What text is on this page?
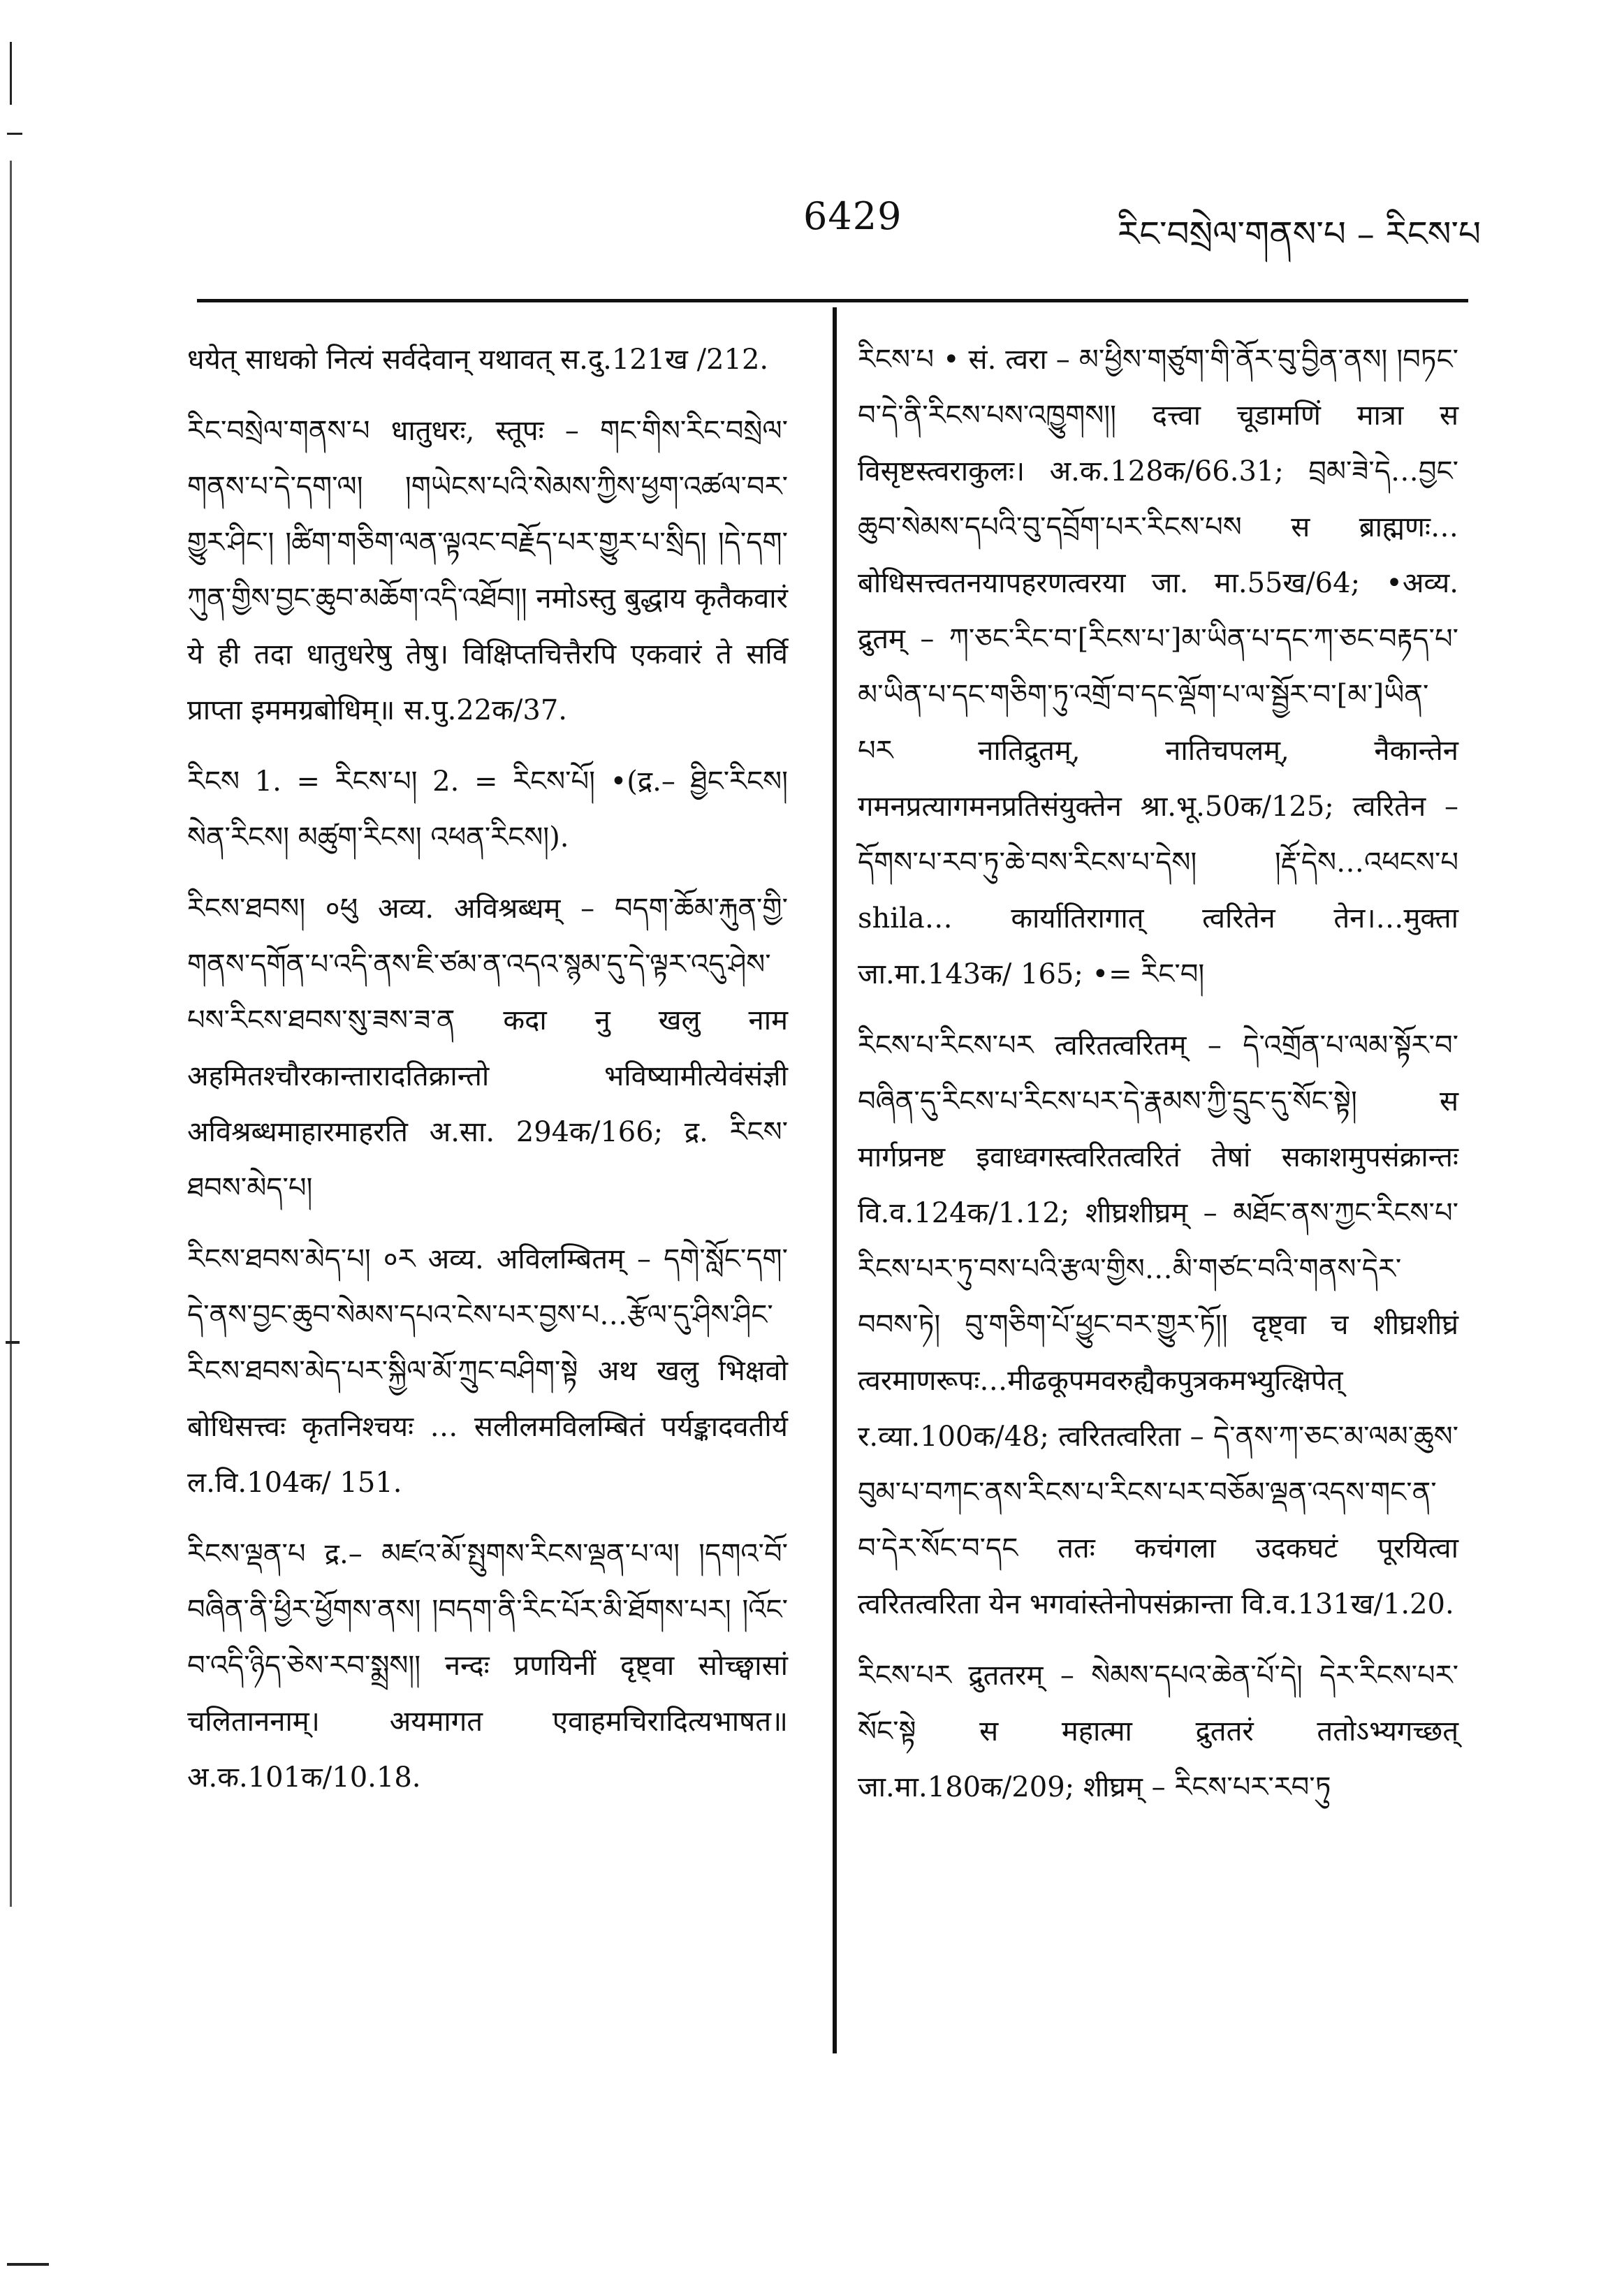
6429	རིང་བསྲེལ་གནས་པ – རིངས་པ

धयेत् साधको नित्यं सर्वदेवान् यथावत् स.दु.121ख /212.

རིང་བསྲེལ་གནས་པ धातुधरः, स्तूपः – གང་གིས་རིང་བསྲེལ་གནས་པ་དེ་དག་ལ། །གཡེངས་པའི་སེམས་ཀྱིས་ཕྱག་འཚལ་བར་གྱུར་ཤིང་། །ཚིག་གཅིག་ལན་ལྟའང་བརྗོད་པར་གྱུར་པ་སྲིད། །དེ་དག་ཀུན་གྱིས་བྱང་ཆུབ་མཆོག་འདི་འཐོབ།། नमोऽस्तु बुद्धाय कृतैकवारं ये ही तदा धातुधरेषु तेषु। विक्षिप्तचित्तैरपि एकवारं ते सर्वि प्राप्ता इममग्रबोधिम्॥ स.पु.22क/37.

རིངས 1. = རིངས་པ། 2. = རིངས་པོ། •(द्र.– ཐྱིང་རིངས། སེན་རིངས། མཚུག་རིངས། འཕན་རིངས།).

རིངས་ཐབས། ०ཕུ अव्य. अविश्रब्धम् – བདག་ཆོམ་རྐུན་གྱི་གནས་དགོན་པ་འདི་ནས་ཇི་ཙམ་ན་འདའ་སྙམ་དུ་དེ་ལྟར་འདུ་ཤེས་པས་རིངས་ཐབས་སུ་ཟས་ཟ་ན कदा नु खलु नाम अहमितश्चौरकान्तारादतिक्रान्तो भविष्यामीत्येवंसंज्ञी अविश्रब्धमाहारमाहरति अ.सा. 294क/166; द्र. རིངས་ཐབས་མེད་པ།

རིངས་ཐབས་མེད་པ། ०ར अव्य. अविलम्बितम् – དགེ་སློང་དག་དེ་ནས་བྱང་ཆུབ་སེམས་དཔའ་ངེས་པར་བྱས་པ…རྩོལ་དུ་ཤིས་ཤིང་རིངས་ཐབས་མེད་པར་སྐྱིལ་མོ་ཀྲུང་བཤིག་སྟེ अथ खलु भिक्षवो बोधिसत्त्वः कृतनिश्चयः … सलीलमविलम्बितं पर्यङ्कादवतीर्य ल.वि.104क/ 151.

རིངས་ལྡན་པ द्र.– མཛའ་མོ་སྤུགས་རིངས་ལྡན་པ་ལ། །དགའ་བོ་བཞིན་ནི་ཕྱིར་ཕྱོགས་ནས། །བདག་ནི་རིང་པོར་མི་ཐོགས་པར། །འོང་བ་འདི་ཉིད་ཅེས་རབ་སྨྲས།། नन्दः प्रणयिनीं दृष्ट्वा सोच्छ्वासां चलिताननाम्। अयमागत एवाहमचिरादित्यभाषत॥ अ.क.101क/10.18.

རིངས་པ • सं. त्वरा – མ་ཕྱིས་གཙུག་གི་ནོར་བུ་བྱིན་ནས། །བཏང་བ་དེ་ནི་རིངས་པས་འཁྱུགས།། दत्त्वा चूडामणिं मात्रा स विसृष्टस्त्वराकुलः। अ.क.128क/66.31; བྲམ་ཟེ་དེ…བྱང་ཆུབ་སེམས་དཔའི་བུ་དབྲོག་པར་རིངས་པས स ब्राह्मणः…बोधिसत्त्वतनयापहरणत्वरया जा. मा.55ख/64; •अव्य. द्रुतम् – ཀ་ཅང་རིང་བ་[རིངས་པ་]མ་ཡིན་པ་དང་ཀ་ཅང་བརྟད་པ་མ་ཡིན་པ་དང་གཅིག་ཏུ་འགྲོ་བ་དང་ལྡོག་པ་ལ་སྦྱོར་བ་[མ་]ཡིན་པར नातिद्रुतम्, नातिचपलम्, नैकान्तेन गमनप्रत्यागमनप्रतिसंयुक्तेन श्रा.भू.50क/125; त्वरितेन – དོགས་པ་རབ་ཏུ་ཆེ་བས་རིངས་པ་དེས། །རྡོ་དེས…འཕངས་པ shila… कार्यातिरागात् त्वरितेन तेन।…मुक्ता जा.मा.143क/ 165; •= རིང་བ།

རིངས་པ་རིངས་པར त्वरितत्वरितम् – དེ་འགྲོན་པ་ལམ་སྟོར་བ་བཞིན་དུ་རིངས་པ་རིངས་པར་དེ་རྣམས་ཀྱི་དྲུང་དུ་སོང་སྟེ། स मार्गप्रनष्ट इवाध्वगस्त्वरितत्वरितं तेषां सकाशमुपसंक्रान्तः वि.व.124क/1.12; शीघ्रशीघ्रम् – མཐོང་ནས་ཀྱང་རིངས་པ་རིངས་པར་ཏུ་བས་པའི་རྩལ་གྱིས…མི་གཙང་བའི་གནས་དེར་བབས་ཏེ། བུ་གཅིག་པོ་ཕྱུང་བར་གྱུར་ཏོ།། दृष्ट्वा च शीघ्रशीघ्रं त्वरमाणरूपः…मीढकूपमवरुह्यैकपुत्रकमभ्युत्क्षिपेत् र.व्या.100क/48; त्वरितत्वरिता – དེ་ནས་ཀ་ཅང་མ་ལམ་ཆུས་བུམ་པ་བཀང་ནས་རིངས་པ་རིངས་པར་བཅོམ་ལྡན་འདས་གང་ན་བ་དེར་སོང་བ་དང ततः कचंगला उदकघटं पूरयित्वा त्वरितत्वरिता येन भगवांस्तेनोपसंक्रान्ता वि.व.131ख/1.20.

རིངས་པར द्रुततरम् – སེམས་དཔའ་ཆེན་པོ་དེ། དེར་རིངས་པར་སོང་སྟེ स महात्मा द्रुततरं ततोऽभ्यगच्छत् जा.मा.180क/209; शीघ्रम् – རིངས་པར་རབ་ཏུ
